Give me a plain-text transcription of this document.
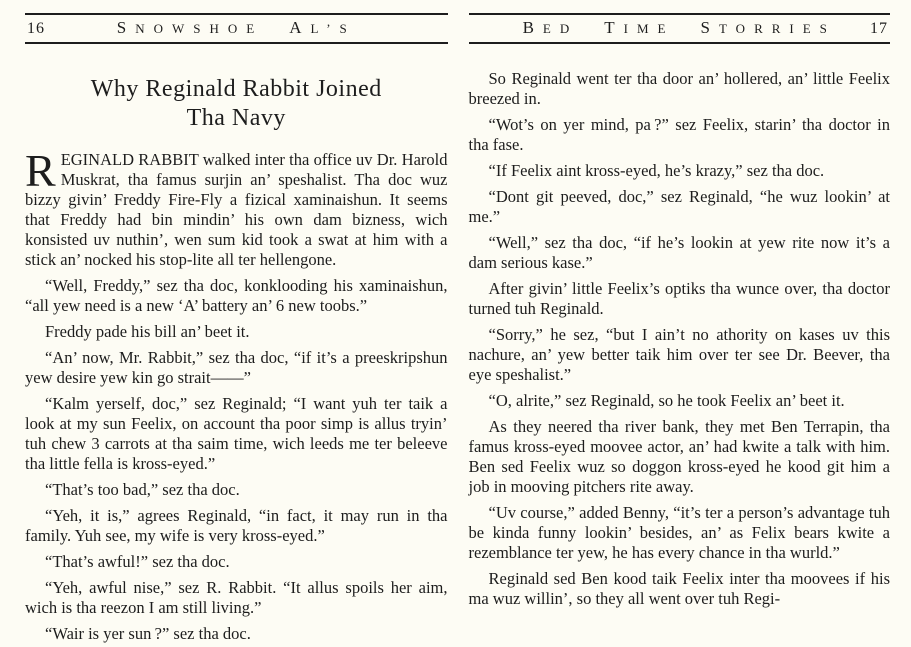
16	SNOWSHOE AL’S
Why Reginald Rabbit Joined
Tha Navy

REGINALD RABBIT walked inter tha office uv Dr. Harold Muskrat, tha famus surjin an’ speshalist. Tha doc wuz bizzy givin’ Freddy Fire-Fly a fizical xaminaishun. It seems that Freddy had bin mindin’ his own dam bizness, wich konsisted uv nuthin’, wen sum kid took a swat at him with a stick an’ nocked his stop-lite all ter hellengone.

“Well, Freddy,” sez tha doc, konklooding his xaminaishun, “all yew need is a new ‘A’ battery an’ 6 new toobs.”

Freddy pade his bill an’ beet it.

“An’ now, Mr. Rabbit,” sez tha doc, “if it’s a preeskripshun yew desire yew kin go strait——”

“Kalm yerself, doc,” sez Reginald; “I want yuh ter taik a look at my sun Feelix, on account tha poor simp is allus tryin’ tuh chew 3 carrots at tha saim time, wich leeds me ter beleeve tha little fella is kross-eyed.”

“That’s too bad,” sez tha doc.

“Yeh, it is,” agrees Reginald, “in fact, it may run in tha family. Yuh see, my wife is very kross-eyed.”

“That’s awful!” sez tha doc.

“Yeh, awful nise,” sez R. Rabbit. “It allus spoils her aim, wich is tha reezon I am still living.”

“Wair is yer sun ?” sez tha doc.

BED TIME STORRIES	17

So Reginald went ter tha door an’ hollered, an’ little Feelix breezed in.

“Wot’s on yer mind, pa ?” sez Feelix, starin’ tha doctor in tha fase.

“If Feelix aint kross-eyed, he’s krazy,” sez tha doc.

“Dont git peeved, doc,” sez Reginald, “he wuz lookin’ at me.”

“Well,” sez tha doc, “if he’s lookin at yew rite now it’s a dam serious kase.”

After givin’ little Feelix’s optiks tha wunce over, tha doctor turned tuh Reginald.

“Sorry,” he sez, “but I ain’t no athority on kases uv this nachure, an’ yew better taik him over ter see Dr. Beever, tha eye speshalist.”

“O, alrite,” sez Reginald, so he took Feelix an’ beet it.

As they neered tha river bank, they met Ben Terrapin, tha famus kross-eyed moovee actor, an’ had kwite a talk with him. Ben sed Feelix wuz so doggon kross-eyed he kood git him a job in mooving pitchers rite away.

“Uv course,” added Benny, “it’s ter a person’s advantage tuh be kinda funny lookin’ besides, an’ as Felix bears kwite a rezemblance ter yew, he has every chance in tha wurld.”

Reginald sed Ben kood taik Feelix inter tha moovees if his ma wuz willin’, so they all went over tuh Regi-
